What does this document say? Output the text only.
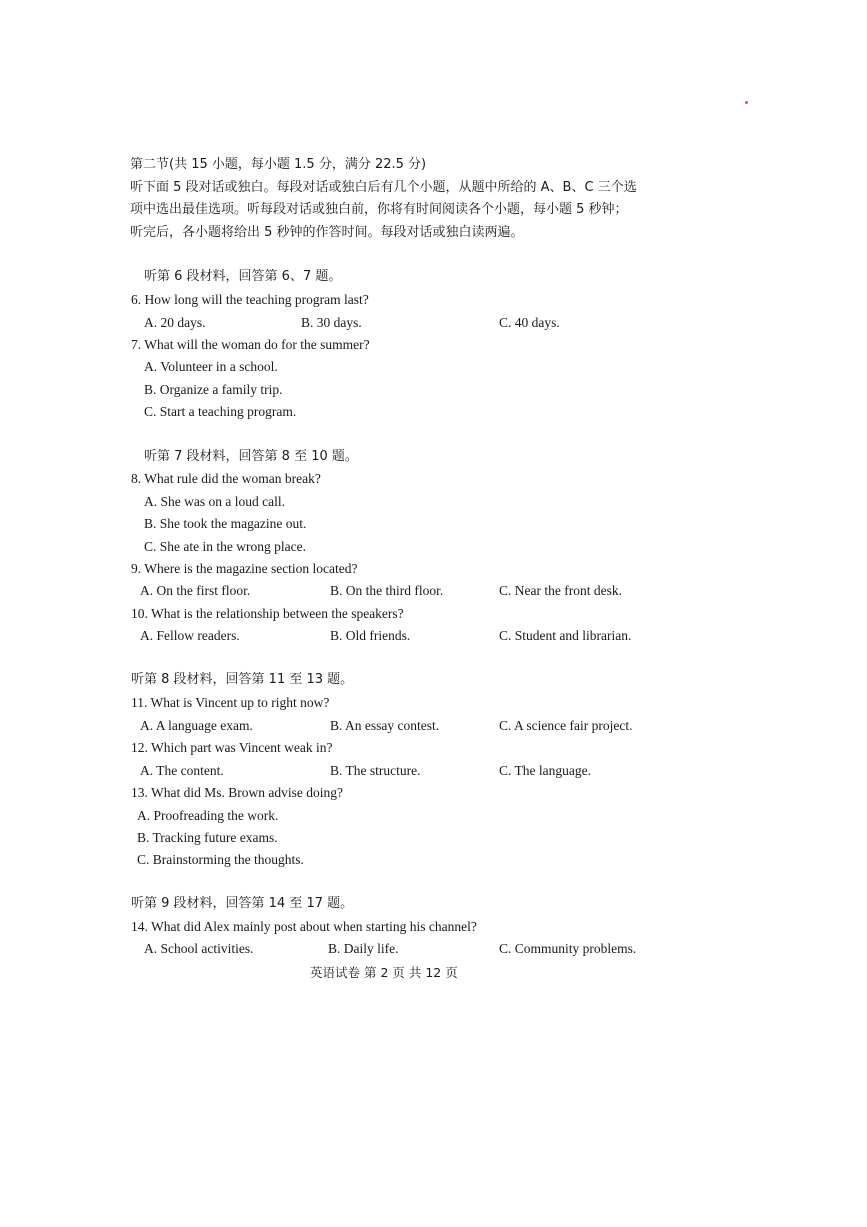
第二节(共 15 小题，每小题 1.5 分，满分 22.5 分)
听下面 5 段对话或独白。每段对话或独白后有几个小题，从题中所给的 A、B、C 三个选
项中选出最佳选项。听每段对话或独白前，你将有时间阅读各个小题，每小题 5 秒钟；
听完后，各小题将给出 5 秒钟的作答时间。每段对话或独白读两遍。
听第 6 段材料，回答第 6、7 题。
6. How long will the teaching program last?
A. 20 days.	B. 30 days.	C. 40 days.
7. What will the woman do for the summer?
A. Volunteer in a school.
B. Organize a family trip.
C. Start a teaching program.
听第 7 段材料，回答第 8 至 10 题。
8. What rule did the woman break?
A. She was on a loud call.
B. She took the magazine out.
C. She ate in the wrong place.
9. Where is the magazine section located?
A. On the first floor.	B. On the third floor.	C. Near the front desk.
10. What is the relationship between the speakers?
A. Fellow readers.	B. Old friends.	C. Student and librarian.
听第 8 段材料，回答第 11 至 13 题。
11. What is Vincent up to right now?
A. A language exam.	B. An essay contest.	C. A science fair project.
12. Which part was Vincent weak in?
A. The content.	B. The structure.	C. The language.
13. What did Ms. Brown advise doing?
A. Proofreading the work.
B. Tracking future exams.
C. Brainstorming the thoughts.
听第 9 段材料，回答第 14 至 17 题。
14. What did Alex mainly post about when starting his channel?
A. School activities.	B. Daily life.	C. Community problems.
英语试卷 第 2 页 共 12 页
